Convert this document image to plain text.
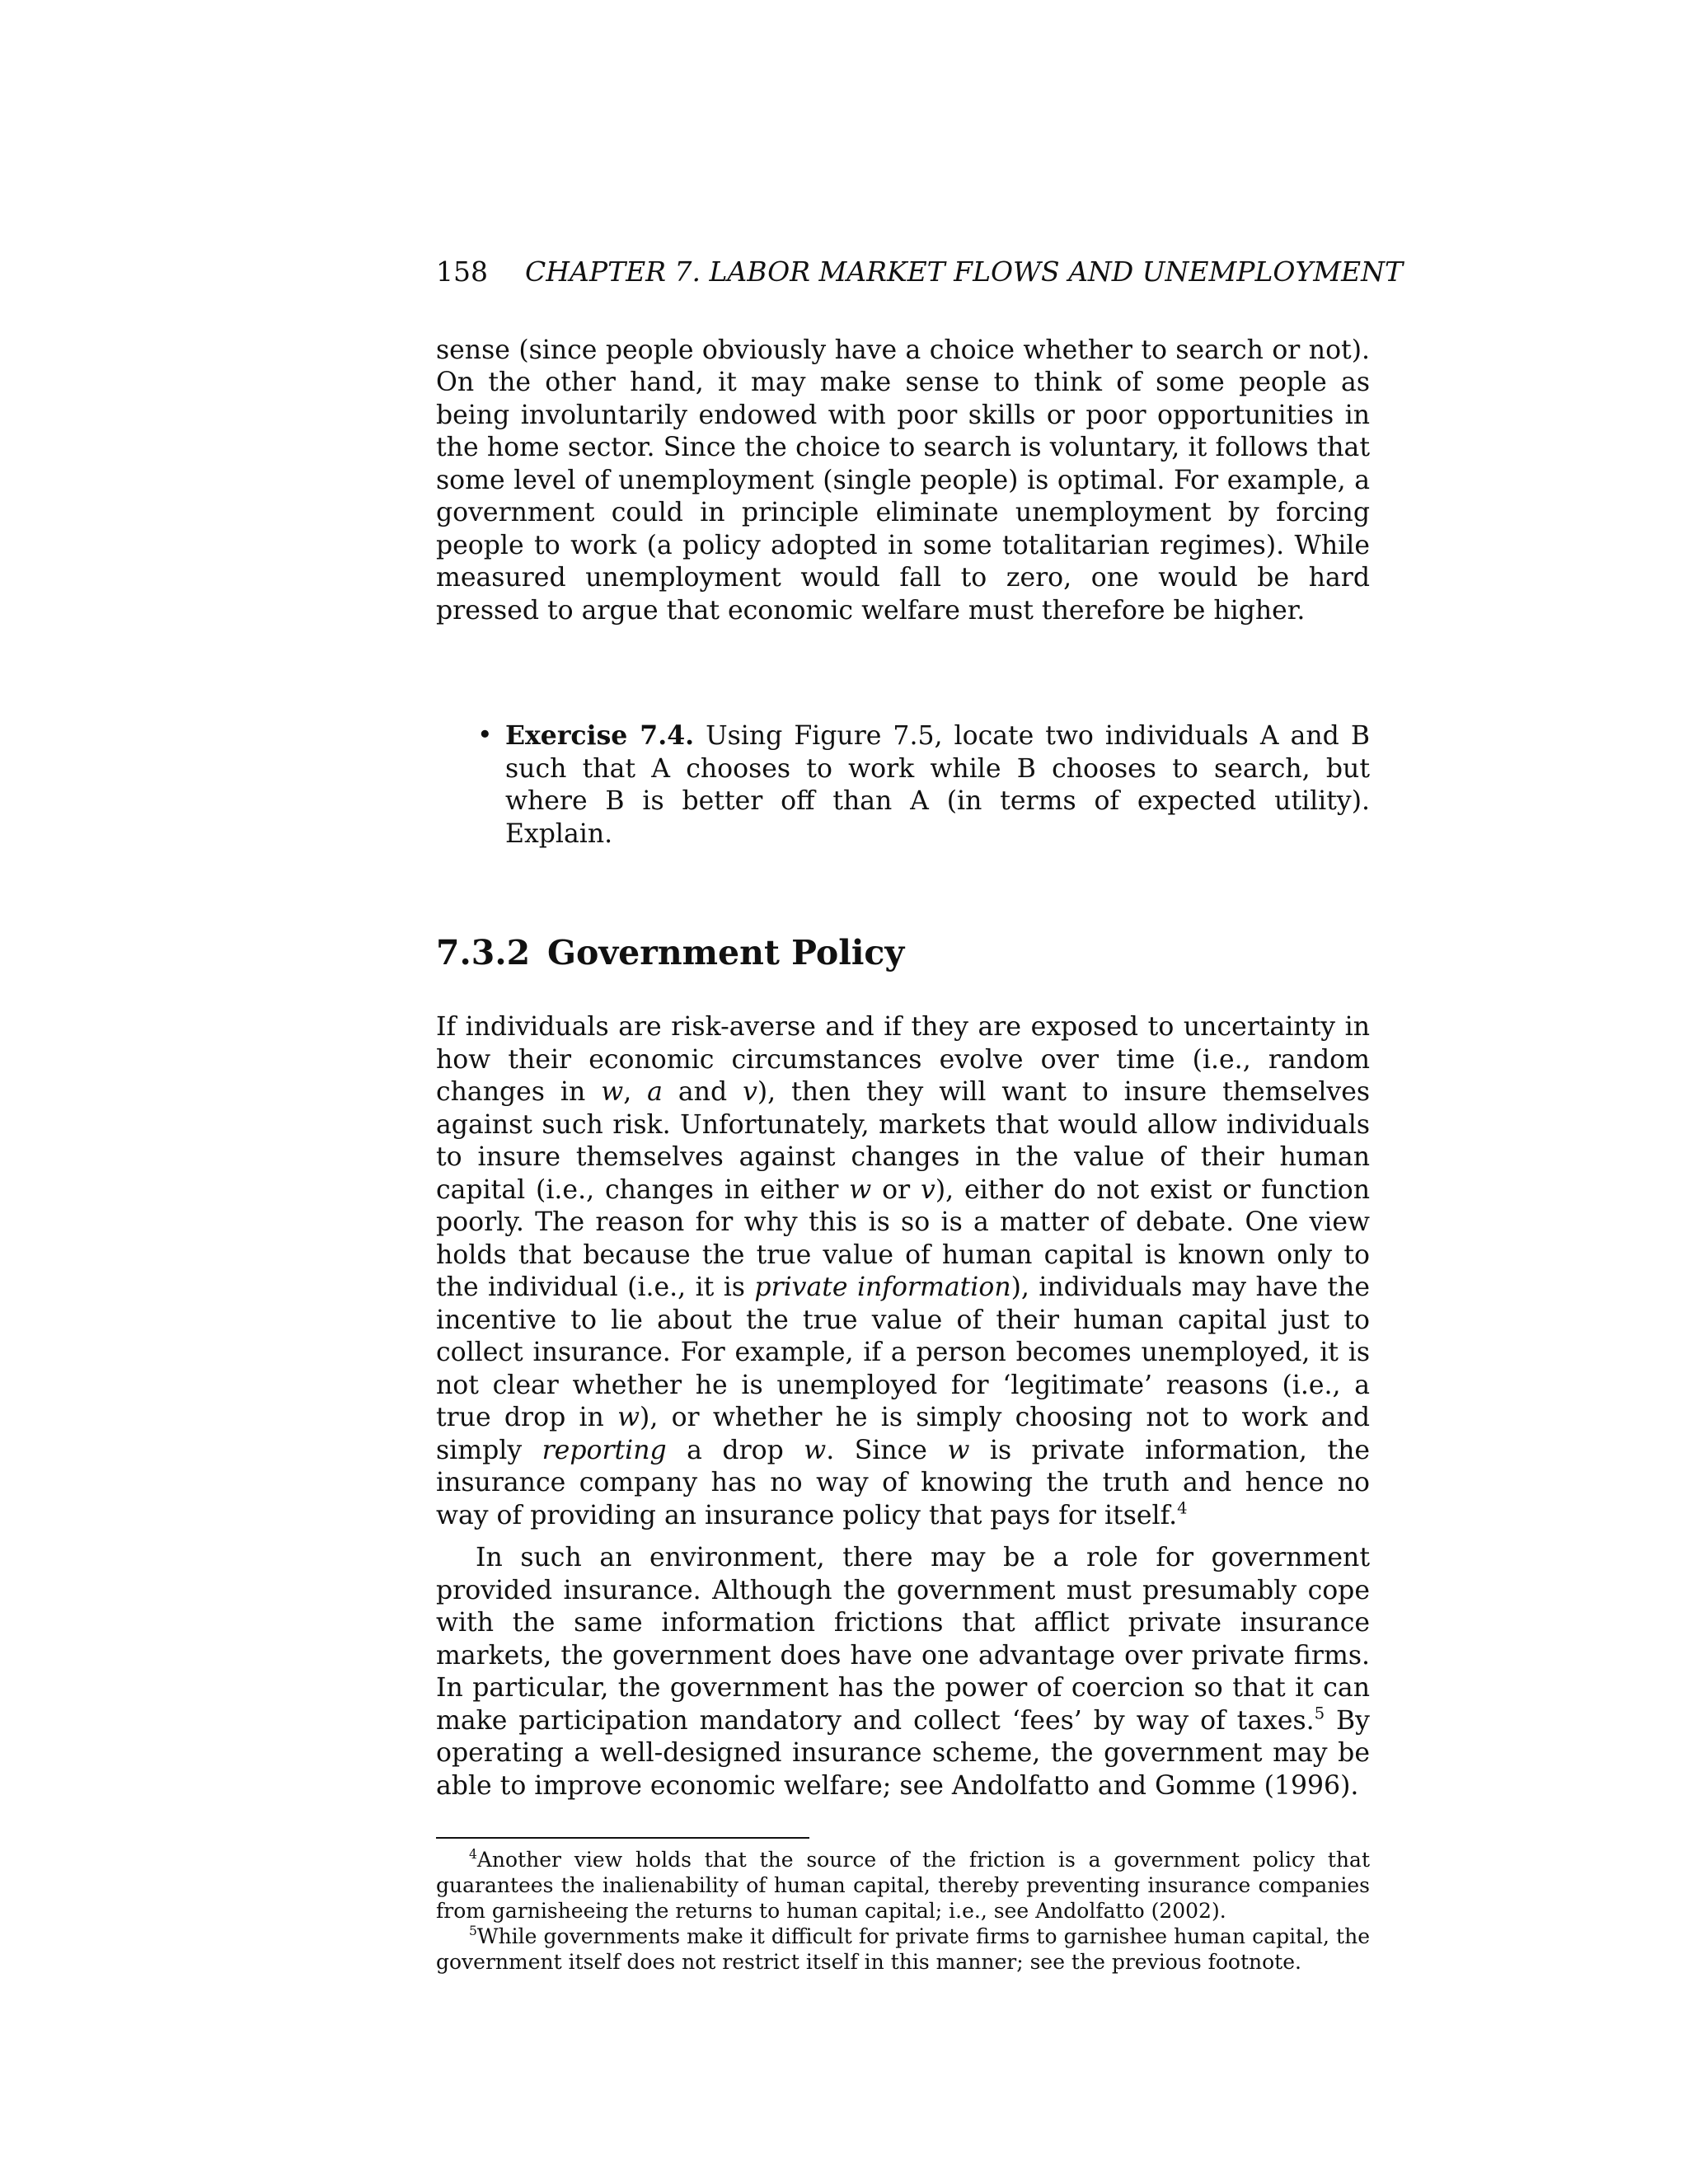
158	CHAPTER 7. LABOR MARKET FLOWS AND UNEMPLOYMENT

sense (since people obviously have a choice whether to search or not). On the other hand, it may make sense to think of some people as being involuntarily endowed with poor skills or poor opportunities in the home sector. Since the choice to search is voluntary, it follows that some level of unemployment (single people) is optimal. For example, a government could in principle eliminate unemployment by forcing people to work (a policy adopted in some totalitarian regimes). While measured unemployment would fall to zero, one would be hard pressed to argue that economic welfare must therefore be higher.

• Exercise 7.4. Using Figure 7.5, locate two individuals A and B such that A chooses to work while B chooses to search, but where B is better off than A (in terms of expected utility). Explain.
7.3.2 Government Policy

If individuals are risk-averse and if they are exposed to uncertainty in how their economic circumstances evolve over time (i.e., random changes in w, a and v), then they will want to insure themselves against such risk. Unfortunately, markets that would allow individuals to insure themselves against changes in the value of their human capital (i.e., changes in either w or v), either do not exist or function poorly. The reason for why this is so is a matter of debate. One view holds that because the true value of human capital is known only to the individual (i.e., it is private information), individuals may have the incentive to lie about the true value of their human capital just to collect insurance. For example, if a person becomes unemployed, it is not clear whether he is unemployed for ‘legitimate’ reasons (i.e., a true drop in w), or whether he is simply choosing not to work and simply reporting a drop w. Since w is private information, the insurance company has no way of knowing the truth and hence no way of providing an insurance policy that pays for itself.$^4$

In such an environment, there may be a role for government provided insurance. Although the government must presumably cope with the same information frictions that afflict private insurance markets, the government does have one advantage over private firms. In particular, the government has the power of coercion so that it can make participation mandatory and collect ‘fees’ by way of taxes.$^5$ By operating a well-designed insurance scheme, the government may be able to improve economic welfare; see Andolfatto and Gomme (1996).

$^4$Another view holds that the source of the friction is a government policy that guarantees the inalienability of human capital, thereby preventing insurance companies from garnisheeing the returns to human capital; i.e., see Andolfatto (2002).

$^5$While governments make it difficult for private firms to garnishee human capital, the government itself does not restrict itself in this manner; see the previous footnote.
